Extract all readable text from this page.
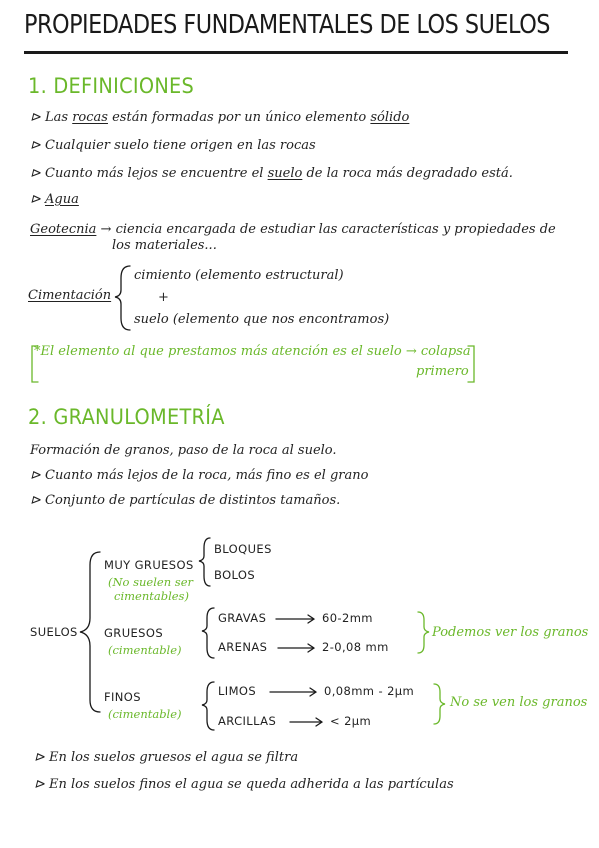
PROPIEDADES FUNDAMENTALES DE LOS SUELOS
1. DEFINICIONES
⊳ Las rocas están formadas por un único elemento sólido
⊳ Cualquier suelo tiene origen en las rocas
⊳ Cuanto más lejos se encuentre el suelo de la roca más degradado está.
⊳ Agua
Geotecnia → ciencia encargada de estudiar las características y propiedades de
los materiales...
Cimentación
cimiento (elemento estructural)
+
suelo (elemento que nos encontramos)
*El elemento al que prestamos más atención es el suelo → colapsa
primero
2. GRANULOMETRÍA
Formación de granos, paso de la roca al suelo.
⊳ Cuanto más lejos de la roca, más fino es el grano
⊳ Conjunto de partículas de distintos tamaños.
SUELOS
MUY GRUESOS
(No suelen ser
cimentables)
BLOQUES
BOLOS
GRUESOS
(cimentable)
GRAVAS	60-2mm
ARENAS	2-0,08 mm
Podemos ver los granos
FINOS
(cimentable)
LIMOS	0,08mm - 2μm
ARCILLAS	< 2μm
No se ven los granos
⊳ En los suelos gruesos el agua se filtra
⊳ En los suelos finos el agua se queda adherida a las partículas
